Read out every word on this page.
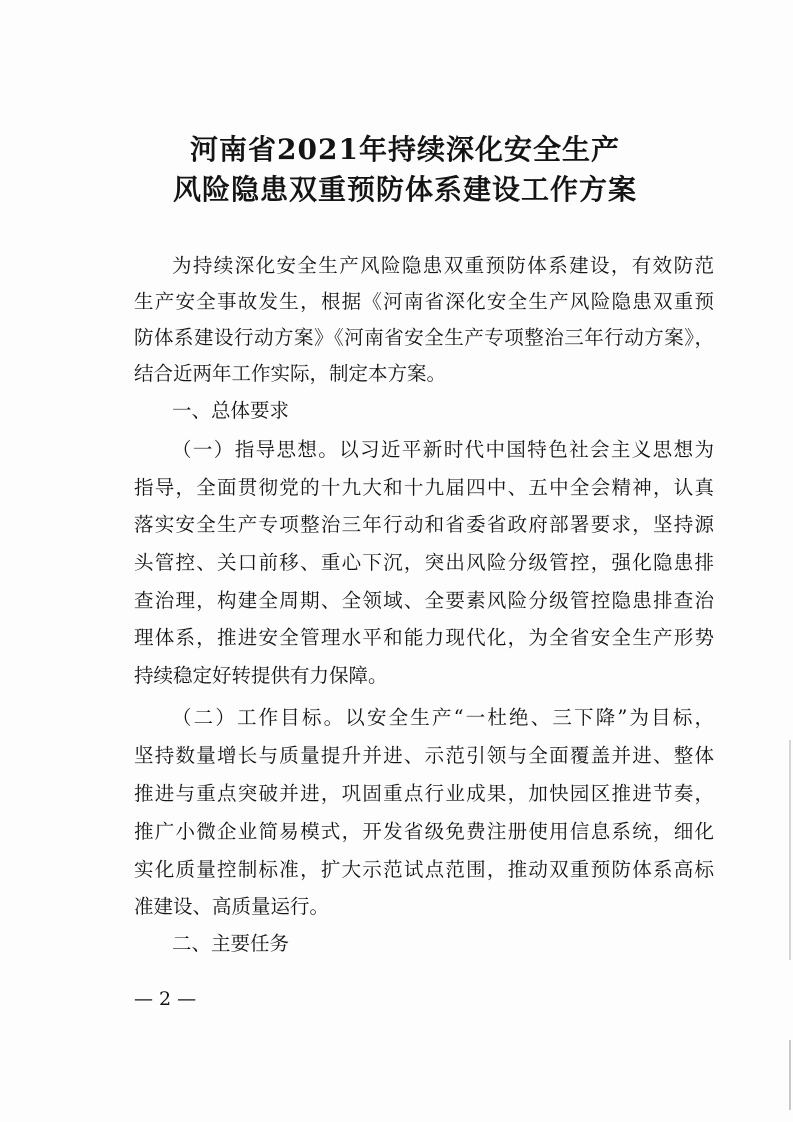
河南省2021年持续深化安全生产
风险隐患双重预防体系建设工作方案
为持续深化安全生产风险隐患双重预防体系建设，有效防范
生产安全事故发生，根据《河南省深化安全生产风险隐患双重预
防体系建设行动方案》《河南省安全生产专项整治三年行动方案》，
结合近两年工作实际，制定本方案。
一、总体要求
（一）指导思想。以习近平新时代中国特色社会主义思想为
指导，全面贯彻党的十九大和十九届四中、五中全会精神，认真
落实安全生产专项整治三年行动和省委省政府部署要求，坚持源
头管控、关口前移、重心下沉，突出风险分级管控，强化隐患排
查治理，构建全周期、全领域、全要素风险分级管控隐患排查治
理体系，推进安全管理水平和能力现代化，为全省安全生产形势
持续稳定好转提供有力保障。
（二）工作目标。以安全生产“一杜绝、三下降”为目标，
坚持数量增长与质量提升并进、示范引领与全面覆盖并进、整体
推进与重点突破并进，巩固重点行业成果，加快园区推进节奏，
推广小微企业简易模式，开发省级免费注册使用信息系统，细化
实化质量控制标准，扩大示范试点范围，推动双重预防体系高标
准建设、高质量运行。
二、主要任务
— 2 —
